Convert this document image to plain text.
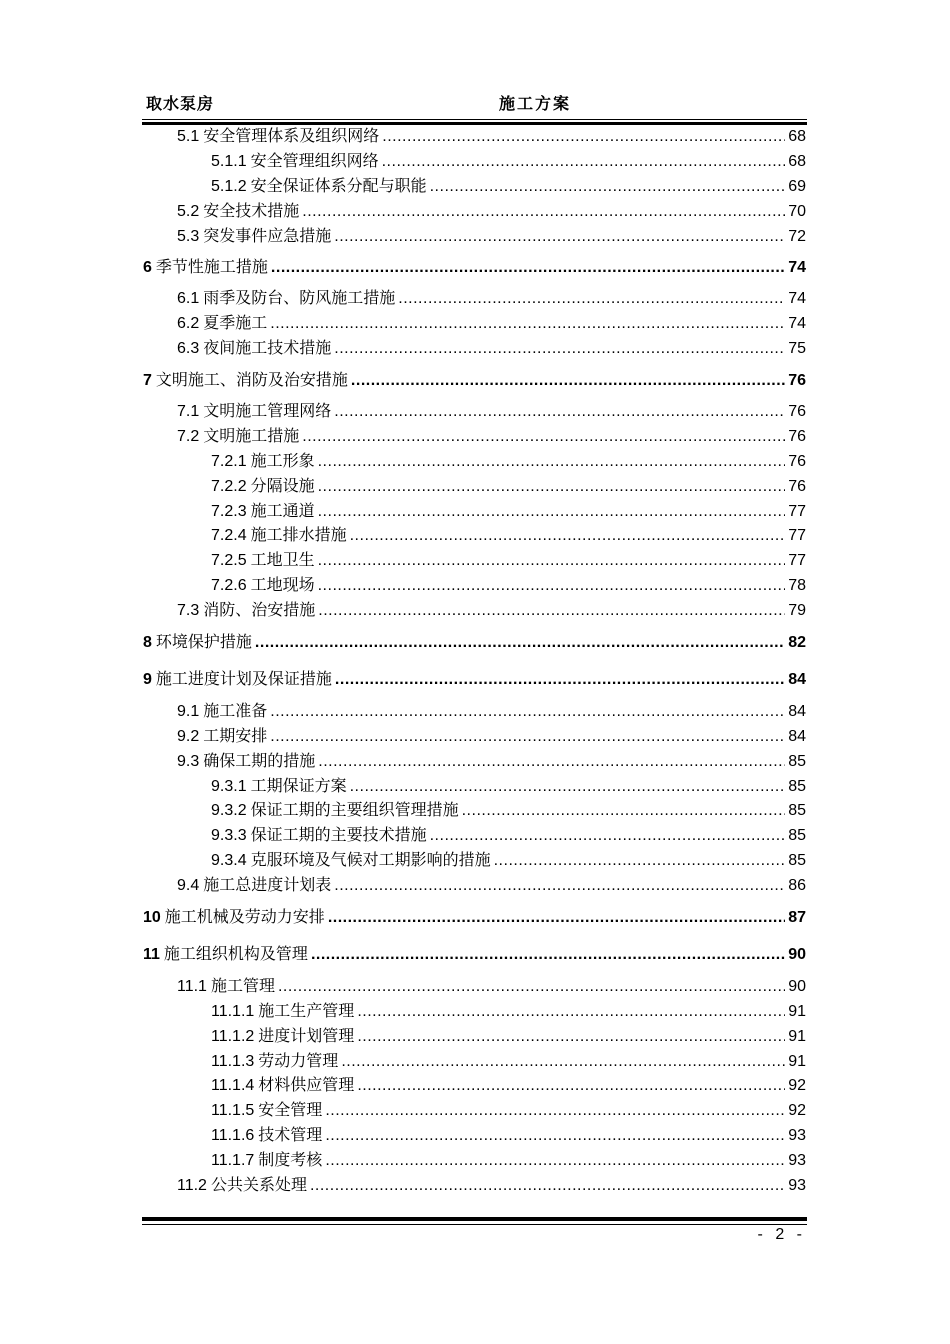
取水泵房	施工方案
5.1 安全管理体系及组织网络 .....	68
5.1.1 安全管理组织网络 .....	68
5.1.2 安全保证体系分配与职能 .....	69
5.2 安全技术措施 .....	70
5.3 突发事件应急措施 .....	72
6 季节性施工措施 .....	74
6.1 雨季及防台、防风施工措施 .....	74
6.2 夏季施工 .....	74
6.3 夜间施工技术措施 .....	75
7 文明施工、消防及治安措施 .....	76
7.1 文明施工管理网络 .....	76
7.2 文明施工措施 .....	76
7.2.1 施工形象 .....	76
7.2.2 分隔设施 .....	76
7.2.3 施工通道 .....	77
7.2.4 施工排水措施 .....	77
7.2.5 工地卫生 .....	77
7.2.6 工地现场 .....	78
7.3 消防、治安措施 .....	79
8 环境保护措施 .....	82
9 施工进度计划及保证措施 .....	84
9.1 施工准备 .....	84
9.2 工期安排 .....	84
9.3 确保工期的措施 .....	85
9.3.1 工期保证方案 .....	85
9.3.2 保证工期的主要组织管理措施 .....	85
9.3.3 保证工期的主要技术措施 .....	85
9.3.4 克服环境及气候对工期影响的措施 .....	85
9.4 施工总进度计划表 .....	86
10 施工机械及劳动力安排 .....	87
11 施工组织机构及管理 .....	90
11.1 施工管理 .....	90
11.1.1 施工生产管理 .....	91
11.1.2 进度计划管理 .....	91
11.1.3 劳动力管理 .....	91
11.1.4 材料供应管理 .....	92
11.1.5 安全管理 .....	92
11.1.6 技术管理 .....	93
11.1.7 制度考核 .....	93
11.2 公共关系处理 .....	93
- 2 -
